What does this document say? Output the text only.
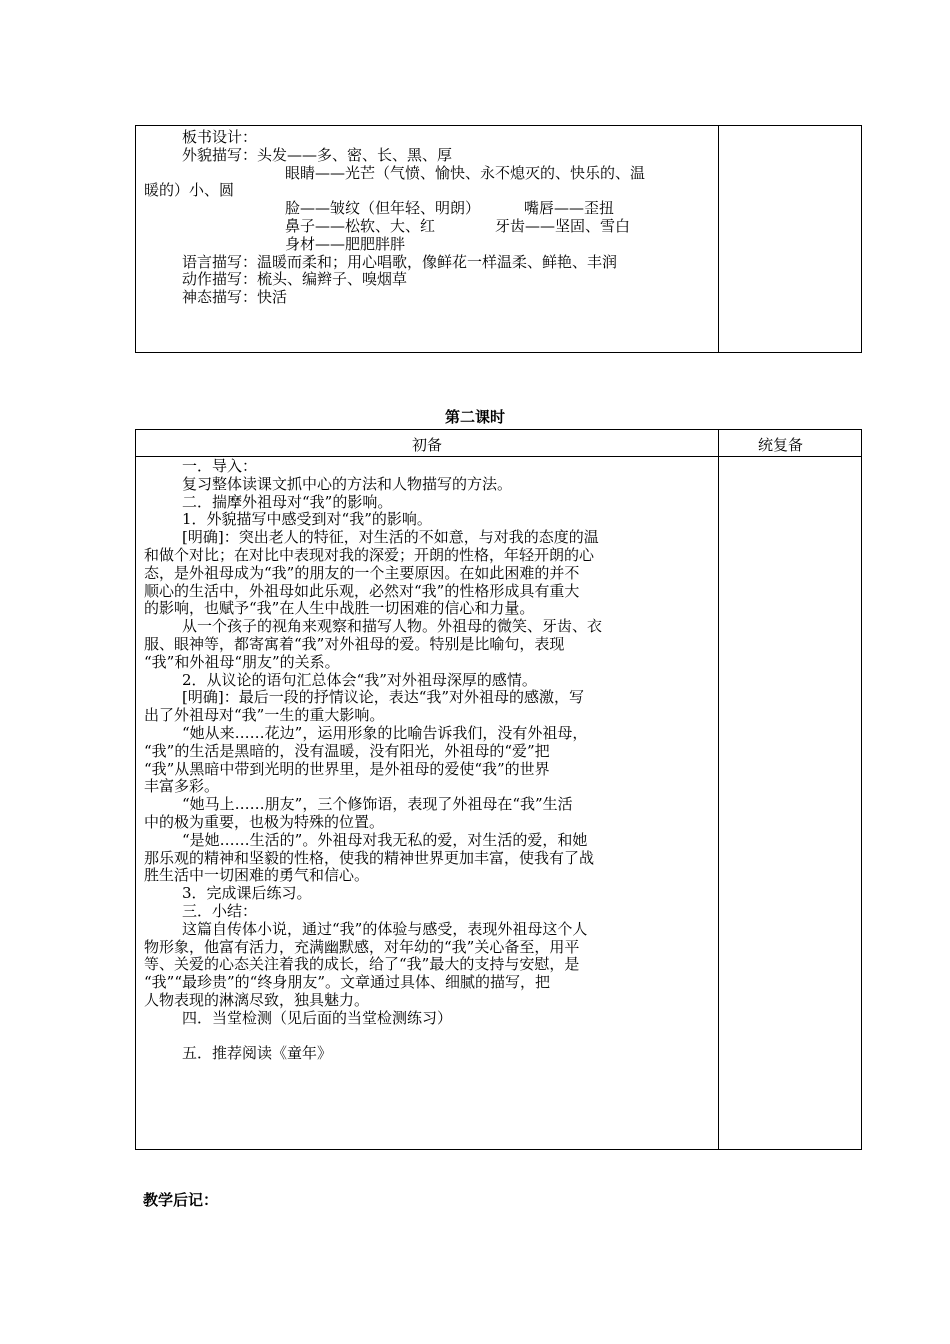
板书设计：
外貌描写：头发——多、密、长、黑、厚
眼睛——光芒（气愤、愉快、永不熄灭的、快乐的、温
暖的）小、圆
脸——皱纹（但年轻、明朗）	嘴唇——歪扭
鼻子——松软、大、红	牙齿——坚固、雪白
身材——肥肥胖胖
语言描写：温暖而柔和；用心唱歌，像鲜花一样温柔、鲜艳、丰润
动作描写：梳头、编辫子、嗅烟草
神态描写：快活
第二课时
初备	统复备
一．导入：
复习整体读课文抓中心的方法和人物描写的方法。
二．揣摩外祖母对“我”的影响。
1．外貌描写中感受到对“我”的影响。
[明确]：突出老人的特征，对生活的不如意，与对我的态度的温
和做个对比；在对比中表现对我的深爱；开朗的性格，年轻开朗的心
态，是外祖母成为“我”的朋友的一个主要原因。在如此困难的并不
顺心的生活中，外祖母如此乐观，必然对“我”的性格形成具有重大
的影响，也赋予“我”在人生中战胜一切困难的信心和力量。
从一个孩子的视角来观察和描写人物。外祖母的微笑、牙齿、衣
服、眼神等，都寄寓着“我”对外祖母的爱。特别是比喻句，表现
“我”和外祖母“朋友”的关系。
2．从议论的语句汇总体会“我”对外祖母深厚的感情。
[明确]：最后一段的抒情议论，表达“我”对外祖母的感激，写
出了外祖母对“我”一生的重大影响。
“她从来……花边”，运用形象的比喻告诉我们，没有外祖母，
“我”的生活是黑暗的，没有温暖，没有阳光，外祖母的“爱”把
“我”从黑暗中带到光明的世界里，是外祖母的爱使“我”的世界
丰富多彩。
“她马上……朋友”，三个修饰语，表现了外祖母在“我”生活
中的极为重要，也极为特殊的位置。
“是她……生活的”。外祖母对我无私的爱，对生活的爱，和她
那乐观的精神和坚毅的性格，使我的精神世界更加丰富，使我有了战
胜生活中一切困难的勇气和信心。
3．完成课后练习。
三．小结：
这篇自传体小说，通过“我”的体验与感受，表现外祖母这个人
物形象，他富有活力，充满幽默感，对年幼的“我”关心备至，用平
等、关爱的心态关注着我的成长，给了“我”最大的支持与安慰，是
“我”“最珍贵”的“终身朋友”。文章通过具体、细腻的描写，把
人物表现的淋漓尽致，独具魅力。
四．当堂检测（见后面的当堂检测练习）
五．推荐阅读《童年》
教学后记：
